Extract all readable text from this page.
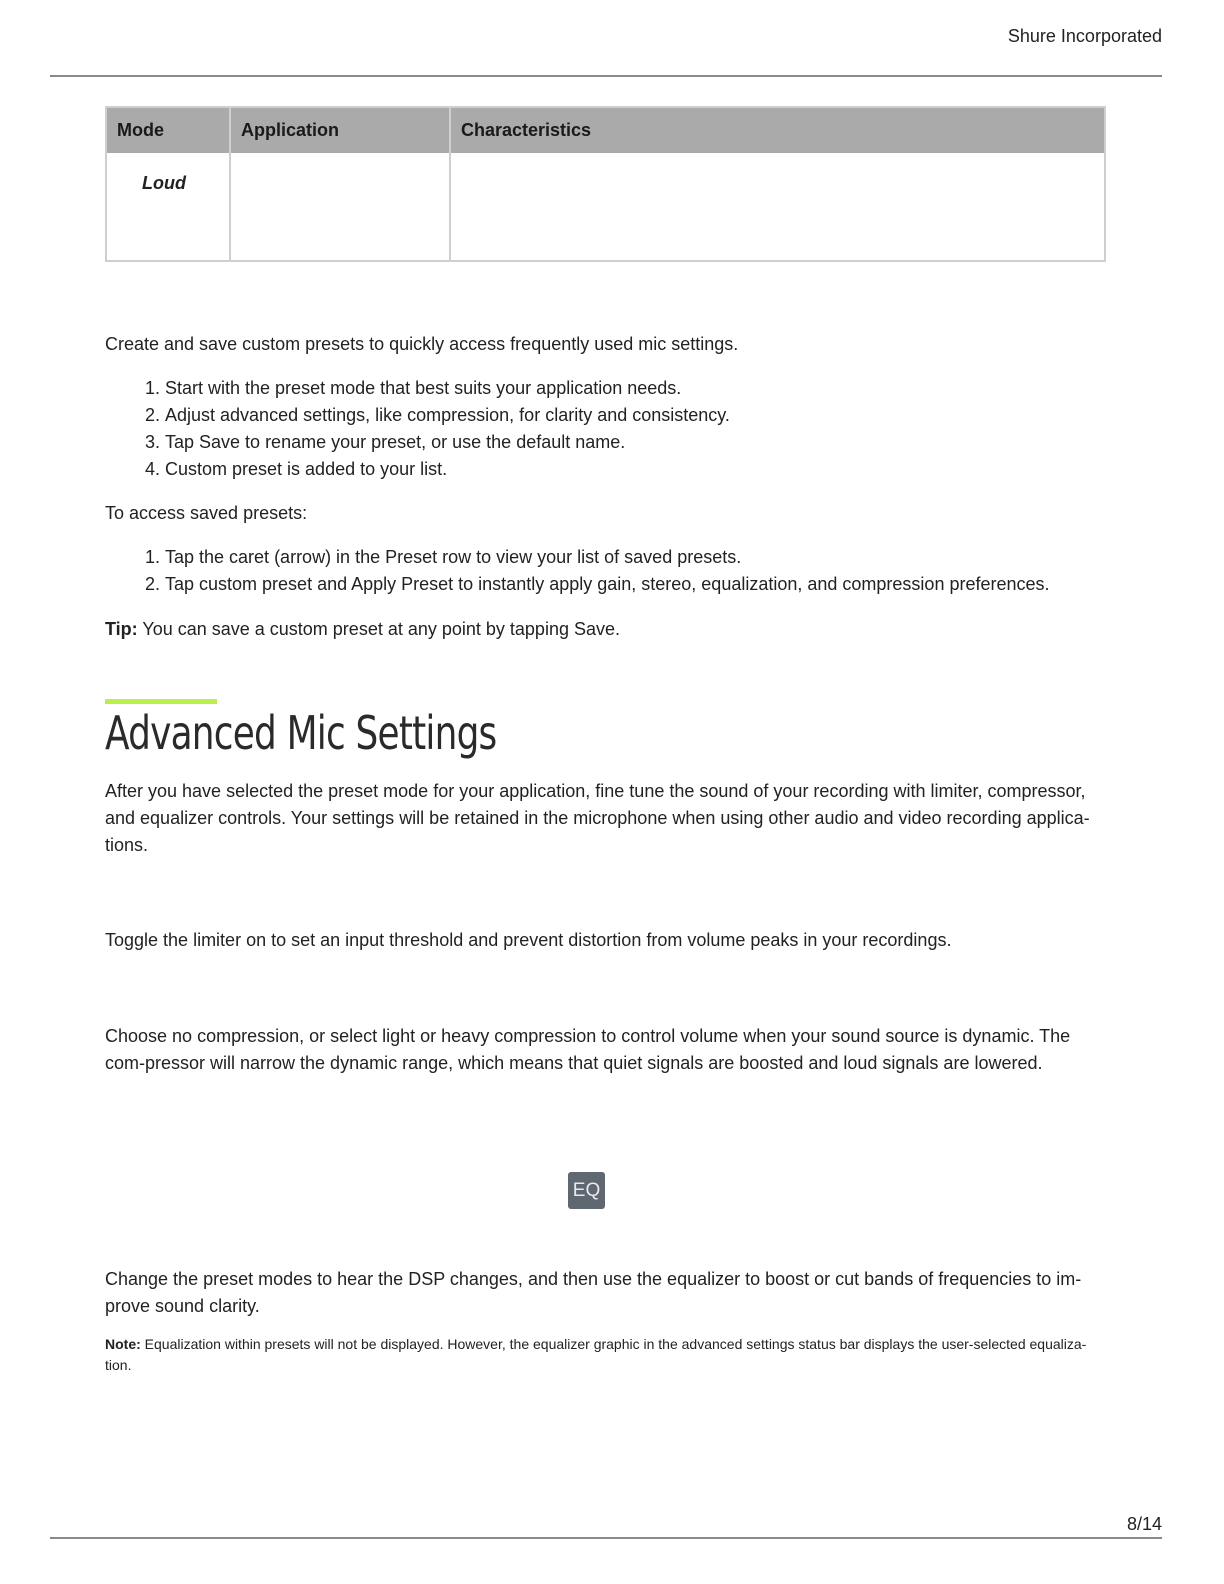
Shure Incorporated
Mode	Application	Characteristics
Loud		
Create and save custom presets to quickly access frequently used mic settings.
1. Start with the preset mode that best suits your application needs.
2. Adjust advanced settings, like compression, for clarity and consistency.
3. Tap Save to rename your preset, or use the default name.
4. Custom preset is added to your list.
To access saved presets:
1. Tap the caret (arrow) in the Preset row to view your list of saved presets.
2. Tap custom preset and Apply Preset to instantly apply gain, stereo, equalization, and compression preferences.
Tip: You can save a custom preset at any point by tapping Save.
Advanced Mic Settings
After you have selected the preset mode for your application, fine tune the sound of your recording with limiter, compressor, and equalizer controls. Your settings will be retained in the microphone when using other audio and video recording applica-tions.
Toggle the limiter on to set an input threshold and prevent distortion from volume peaks in your recordings.
Choose no compression, or select light or heavy compression to control volume when your sound source is dynamic. The com-pressor will narrow the dynamic range, which means that quiet signals are boosted and loud signals are lowered.
EQ
Change the preset modes to hear the DSP changes, and then use the equalizer to boost or cut bands of frequencies to im-prove sound clarity.
Note: Equalization within presets will not be displayed. However, the equalizer graphic in the advanced settings status bar displays the user-selected equaliza-tion.
8/14
